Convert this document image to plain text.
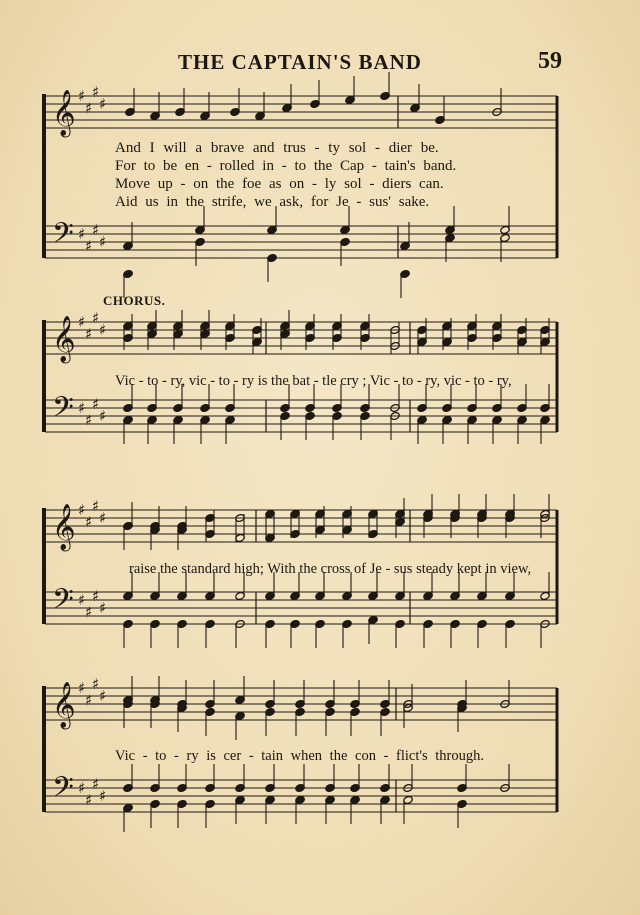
THE CAPTAIN'S BAND	59
And I will a brave and trus - ty sol - dier be.
For to be en - rolled in - to the Cap - tain's band.
Move up - on the foe as on - ly sol - diers can.
Aid us in the strife, we ask, for Je - sus' sake.
CHORUS.
Vic - to - ry, vic - to - ry is the bat - tle cry ; Vic - to - ry, vic - to - ry,
raise the standard high; With the cross of Je - sus steady kept in view,
Vic - to - ry is cer - tain when the con - flict's through.
𝄞
𝄢
♯
♯
♯
♯
♯
♯
♯
♯
𝄞
𝄢
♯
♯
♯
♯
♯
♯
♯
♯
𝄞
𝄢
♯
♯
♯
♯
♯
♯
♯
♯
𝄞
𝄢
♯
♯
♯
♯
♯
♯
♯
♯
